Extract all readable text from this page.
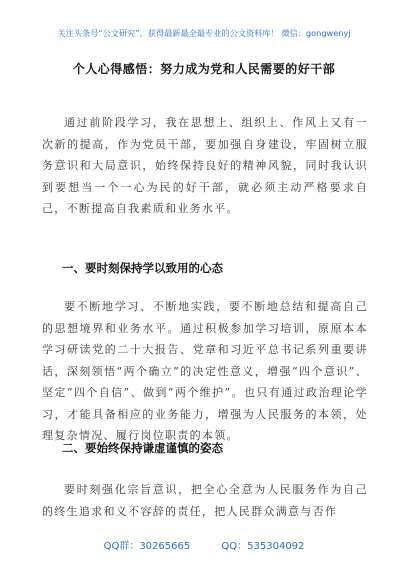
关注头条号“公文研究”，获得最新最全最专业的公文资料库！ 微信：gongwenyj
个人心得感悟：努力成为党和人民需要的好干部

通过前阶段学习，我在思想上、组织上、作风上又有一次新的提高，作为党员干部，要加强自身建设，牢固树立服务意识和大局意识，始终保持良好的精神风貌，同时我认识到要想当一个一心为民的好干部，就必须主动严格要求自己，不断提高自我素质和业务水平。

一、要时刻保持学以致用的心态

要不断地学习、不断地实践，要不断地总结和提高自己的思想境界和业务水平。通过积极参加学习培训，原原本本学习研读党的二十大报告、党章和习近平总书记系列重要讲话，深刻领悟“两个确立”的决定性意义，增强“四个意识”、坚定“四个自信”、做到“两个维护”。也只有通过政治理论学习，才能具备相应的业务能力，增强为人民服务的本领，处理复杂情况、履行岗位职责的本领。

二、要始终保持谦虚谨慎的姿态

要时刻强化宗旨意识，把全心全意为人民服务作为自己的终生追求和义不容辞的责任，把人民群众满意与否作

QQ群：30265665	QQ：535304092
